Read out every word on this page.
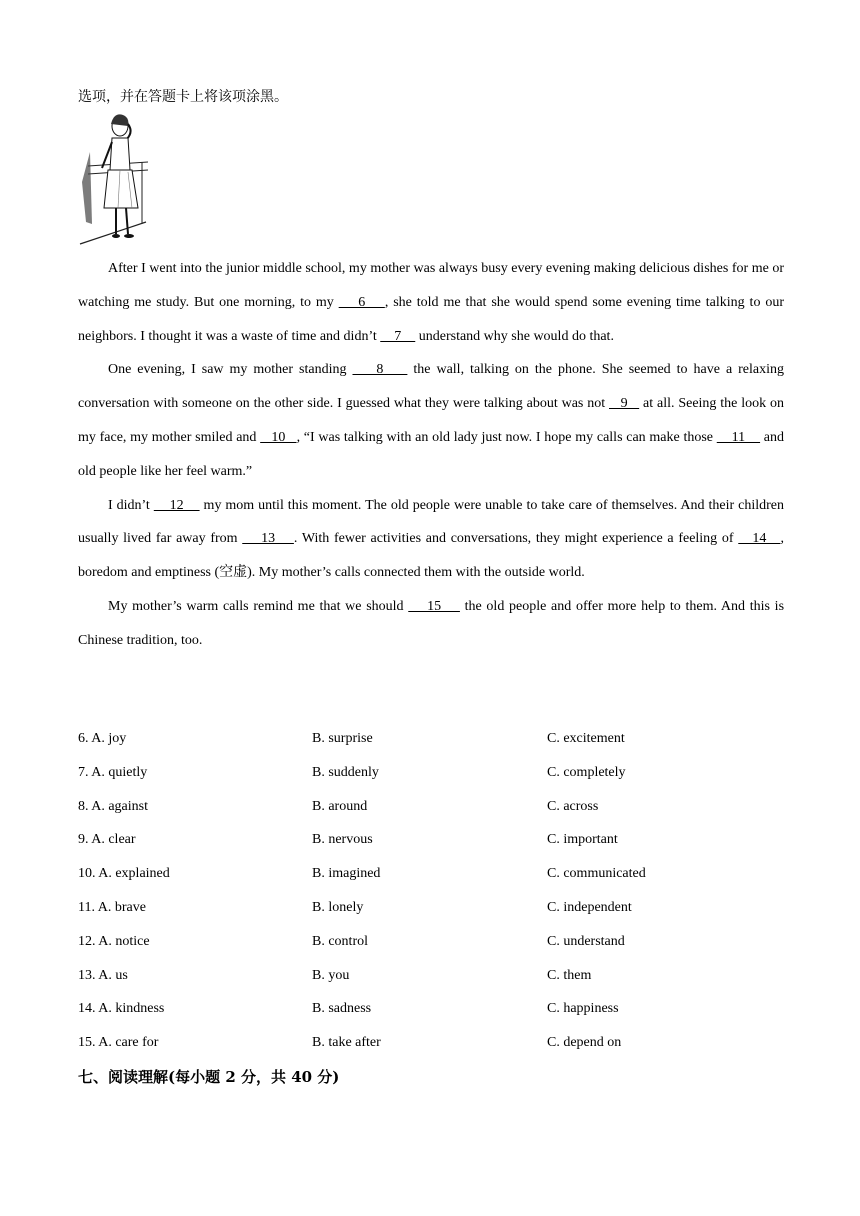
选项，并在答题卡上将该项涂黑。

After I went into the junior middle school, my mother was always busy every evening making delicious dishes for me or watching me study. But one morning, to my     6    , she told me that she would spend some evening time talking to our neighbors. I thought it was a waste of time and didn’t     7     understand why she would do that.

One evening, I saw my mother standing     8     the wall, talking on the phone. She seemed to have a relaxing conversation with someone on the other side. I guessed what they were talking about was not    9    at all. Seeing the look on my face, my mother smiled and    10   , “I was talking with an old lady just now. I hope my calls can make those     11     and old people like her feel warm.”

I didn’t     12     my mom until this moment. The old people were unable to take care of themselves. And their children usually lived far away from     13    . With fewer activities and conversations, they might experience a feeling of    14   , boredom and emptiness (空虚). My mother’s calls connected them with the outside world.

My mother’s warm calls remind me that we should     15     the old people and offer more help to them. And this is Chinese tradition, too.

6. A. joy	B. surprise	C. excitement
7. A. quietly	B. suddenly	C. completely
8. A. against	B. around	C. across
9. A. clear	B. nervous	C. important
10. A. explained	B. imagined	C. communicated
11. A. brave	B. lonely	C. independent
12. A. notice	B. control	C. understand
13. A. us	B. you	C. them
14. A. kindness	B. sadness	C. happiness
15. A. care for	B. take after	C. depend on
七、阅读理解(每小题 2 分，共 40 分)
